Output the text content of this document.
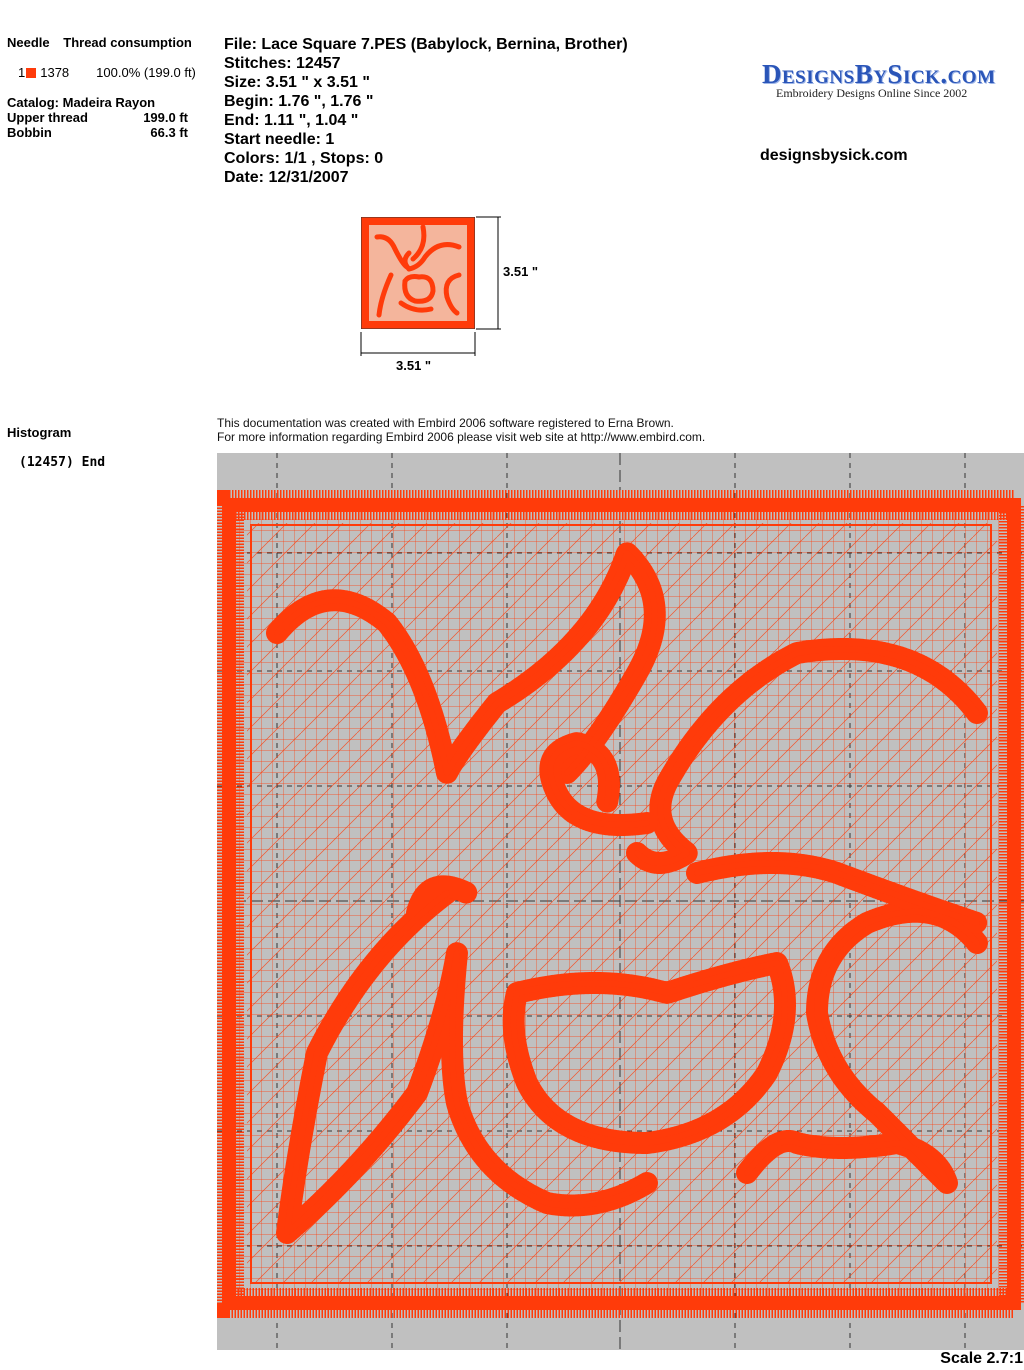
Needle Thread consumption
1 1378 100.0% (199.0 ft)
Catalog: Madeira Rayon
Upper thread	199.0 ft
Bobbin	66.3 ft
File: Lace Square 7.PES (Babylock, Bernina, Brother)
Stitches: 12457
Size: 3.51 " x 3.51 "
Begin: 1.76 ", 1.76 "
End: 1.11 ", 1.04 "
Start needle: 1
Colors: 1/1 , Stops: 0
Date: 12/31/2007
DesignsBySick.com
Embroidery Designs Online Since 2002
designsbysick.com
3.51 "
3.51 "
Histogram
(12457) End
This documentation was created with Embird 2006 software registered to Erna Brown.
For more information regarding Embird 2006 please visit web site at http://www.embird.com.
Scale 2.7:1
